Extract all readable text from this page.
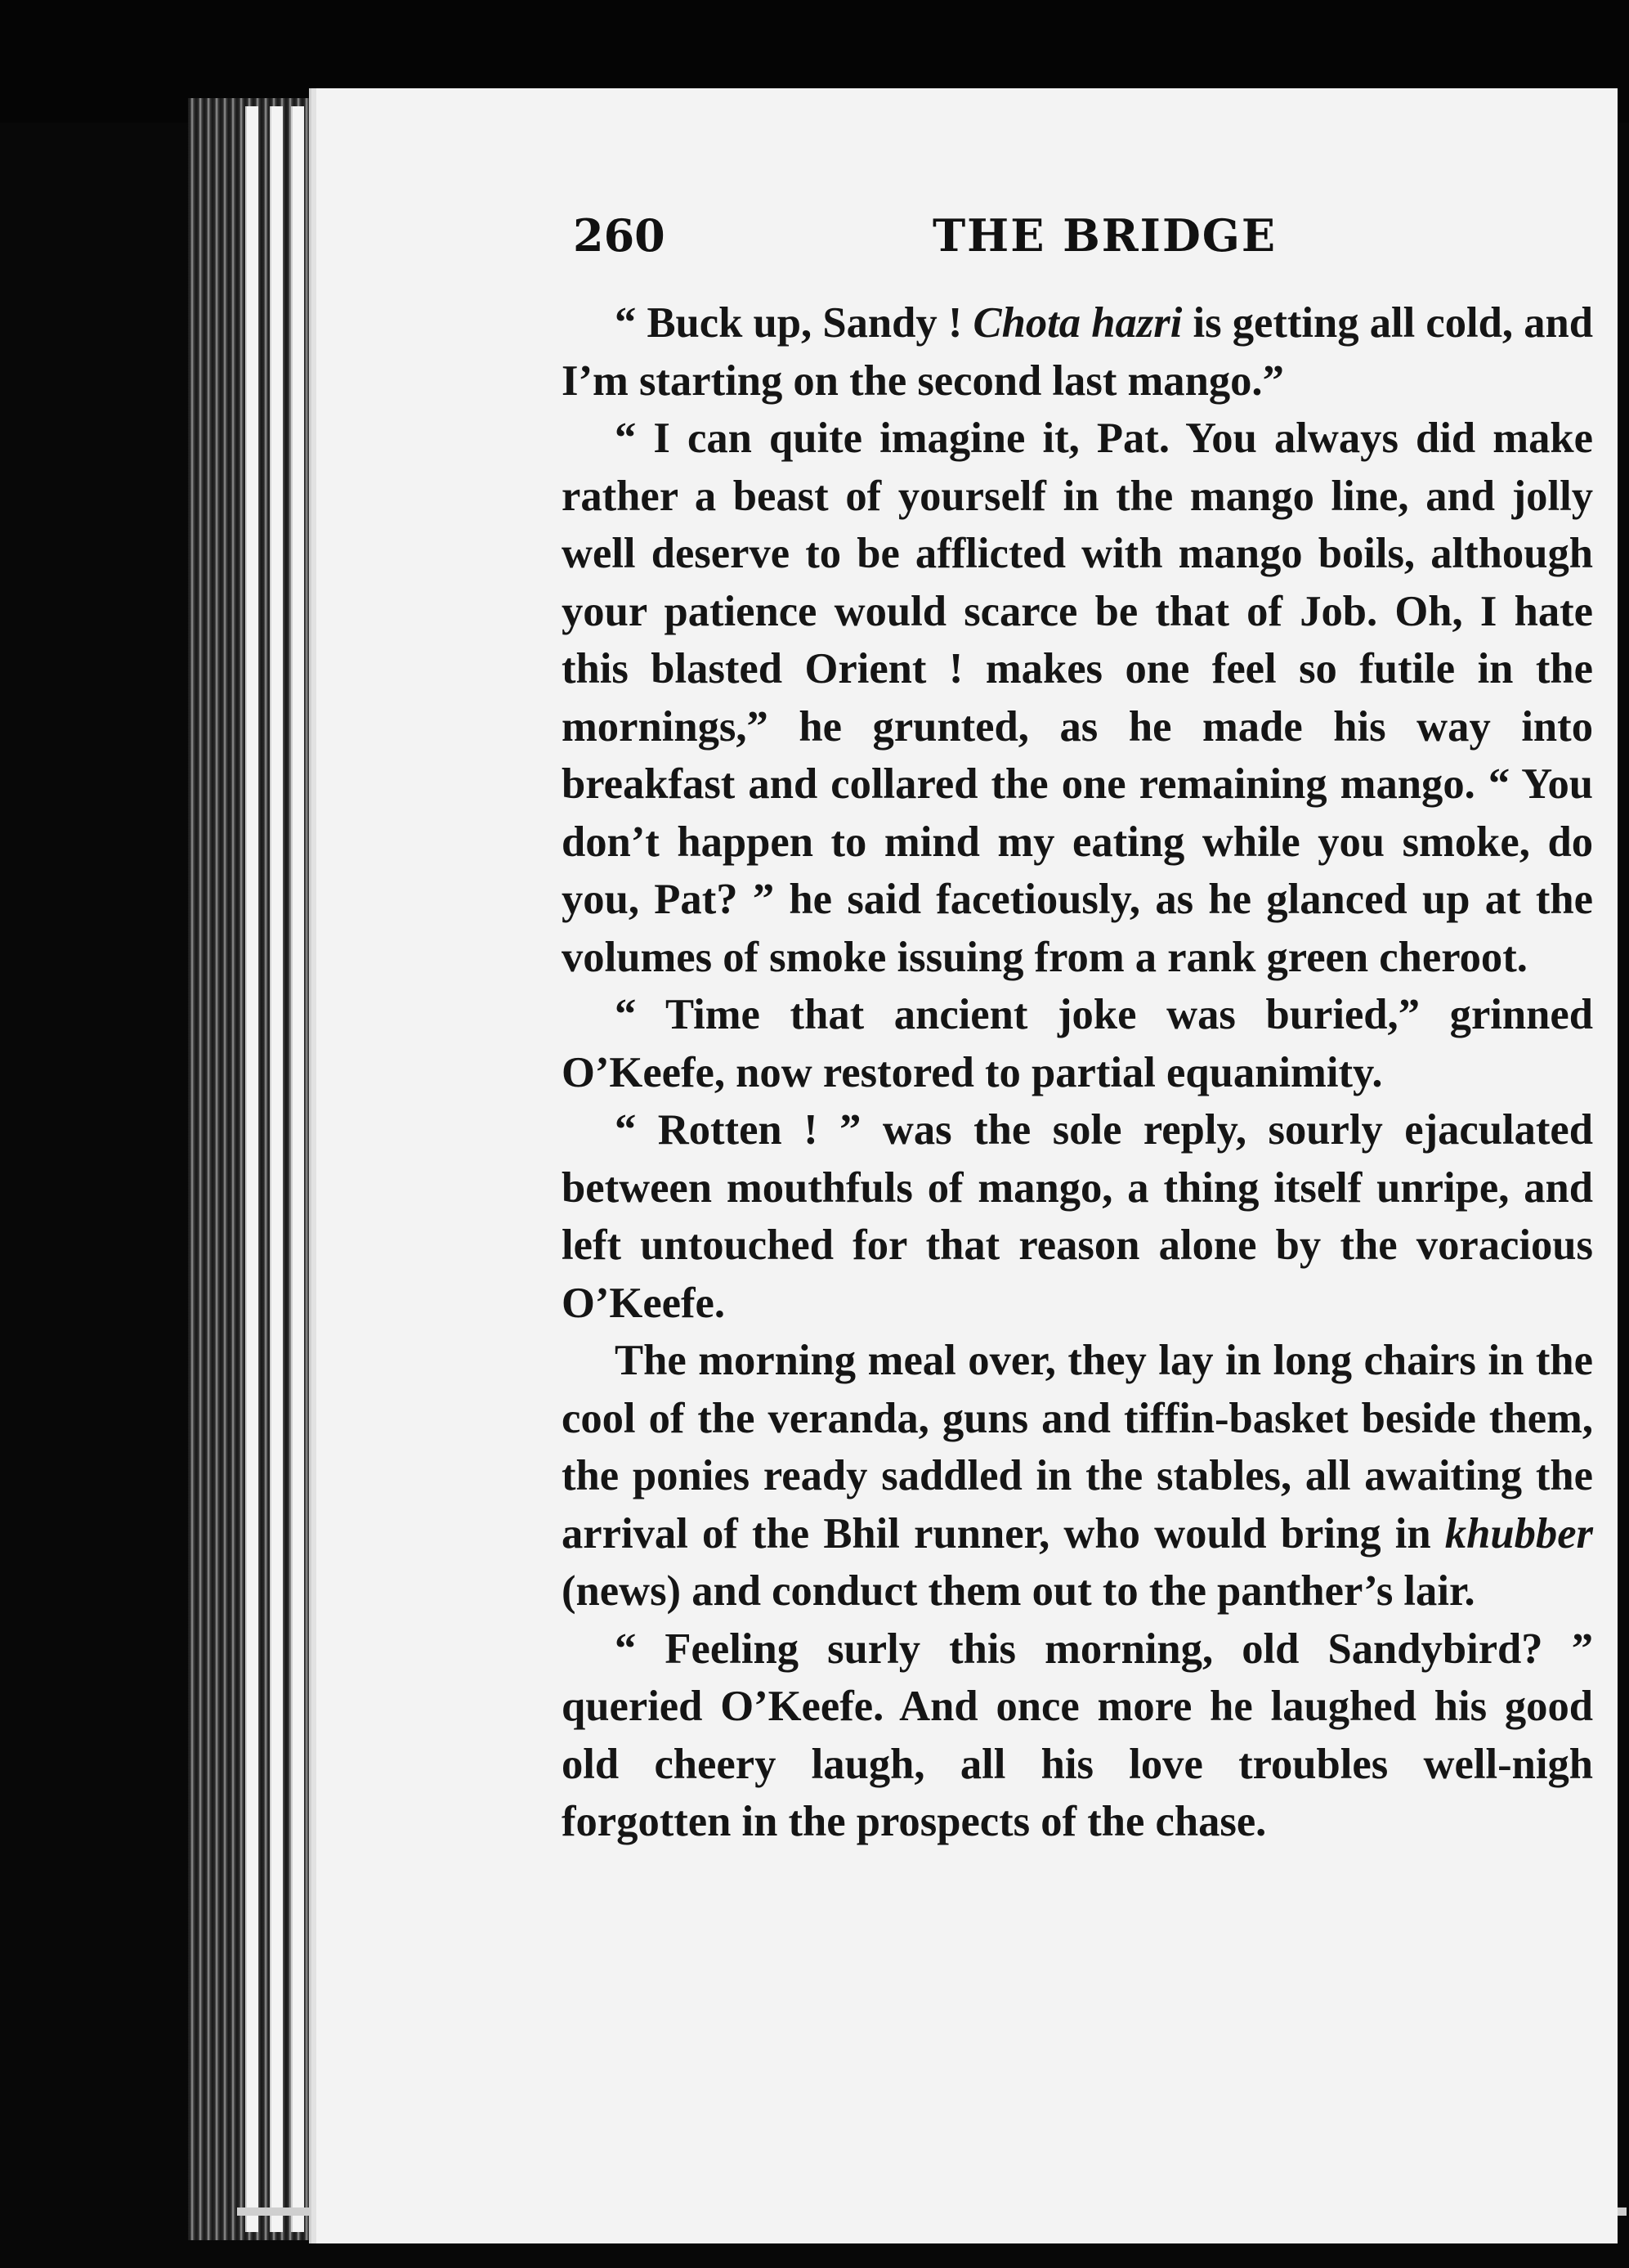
260	THE BRIDGE

“ Buck up, Sandy ! Chota hazri is getting all cold, and I’m starting on the second last mango.”

“ I can quite imagine it, Pat. You always did make rather a beast of yourself in the mango line, and jolly well deserve to be afflicted with mango boils, although your patience would scarce be that of Job. Oh, I hate this blasted Orient ! makes one feel so futile in the mornings,” he grunted, as he made his way into breakfast and collared the one remaining mango. “ You don’t happen to mind my eating while you smoke, do you, Pat? ” he said facetiously, as he glanced up at the volumes of smoke issuing from a rank green cheroot.

“ Time that ancient joke was buried,” grinned O’Keefe, now restored to partial equanimity.

“ Rotten ! ” was the sole reply, sourly ejaculated between mouthfuls of mango, a thing itself unripe, and left untouched for that reason alone by the voracious O’Keefe.

The morning meal over, they lay in long chairs in the cool of the veranda, guns and tiffin-basket beside them, the ponies ready saddled in the stables, all awaiting the arrival of the Bhil runner, who would bring in khubber (news) and conduct them out to the panther’s lair.

“ Feeling surly this morning, old Sandybird? ” queried O’Keefe. And once more he laughed his good old cheery laugh, all his love troubles well-nigh forgotten in the prospects of the chase.
